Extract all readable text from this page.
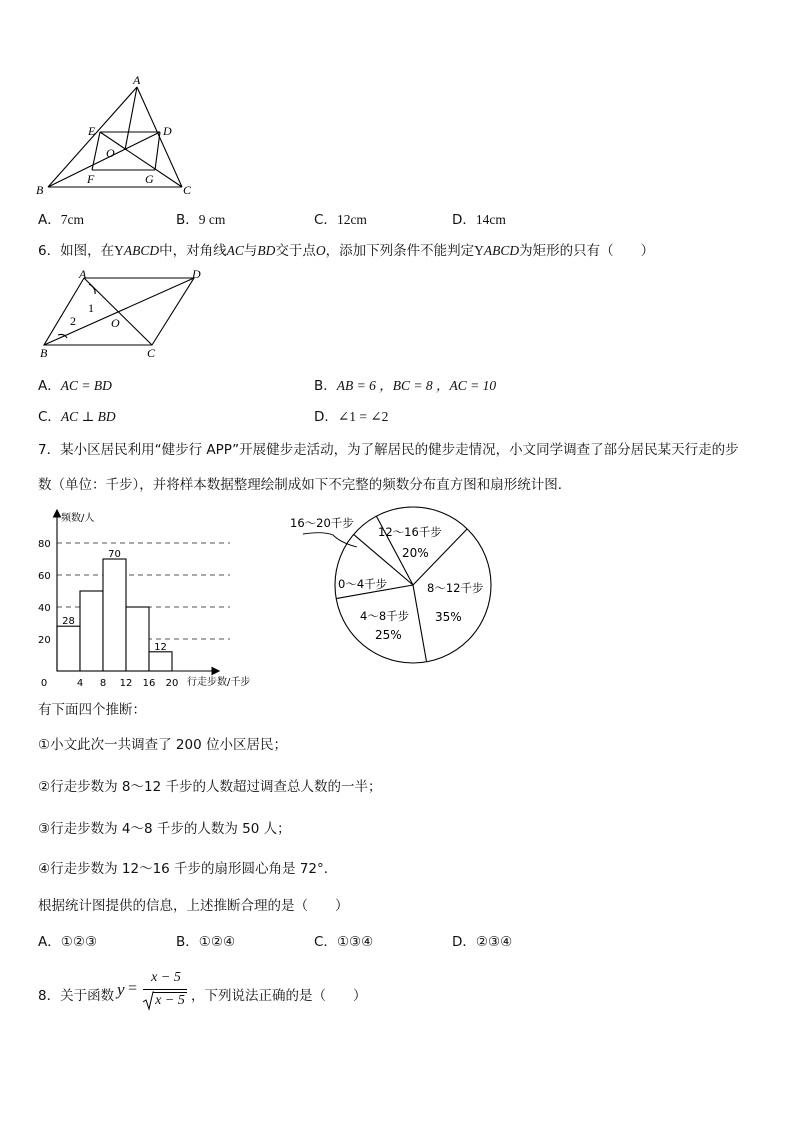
A
E	D
O
B
F	G
C
A．7cm	B．9 cm	C．12cm	D．14cm
6．如图，在YABCD中，对角线AC与BD交于点O，添加下列条件不能判定YABCD为矩形的只有（　　）
A	D
B	C
O
1
2
A．AC = BD	B．AB = 6 ，BC = 8 ，AC = 10
C．AC ⊥ BD	D．∠1 = ∠2
7．某小区居民利用“健步行 APP”开展健步走活动，为了解居民的健步走情况，小文同学调查了部分居民某天行走的步
数（单位：千步），并将样本数据整理绘制成如下不完整的频数分布直方图和扇形统计图．
频数/人
行走步数/千步
0	4 8 12 16 20
20
40
60
80
28
70
12
16～20千步
12～16千步
20%
8～12千步
35%
0～4千步
4～8千步
25%
有下面四个推断：
①小文此次一共调查了 200 位小区居民；
②行走步数为 8～12 千步的人数超过调查总人数的一半；
③行走步数为 4～8 千步的人数为 50 人；
④行走步数为 12～16 千步的扇形圆心角是 72°．
根据统计图提供的信息，上述推断合理的是（　　）
A．①②③	B．①②④	C．①③④	D．②③④
8．关于函数 y =
x − 5
x − 5 ，下列说法正确的是（　　）
